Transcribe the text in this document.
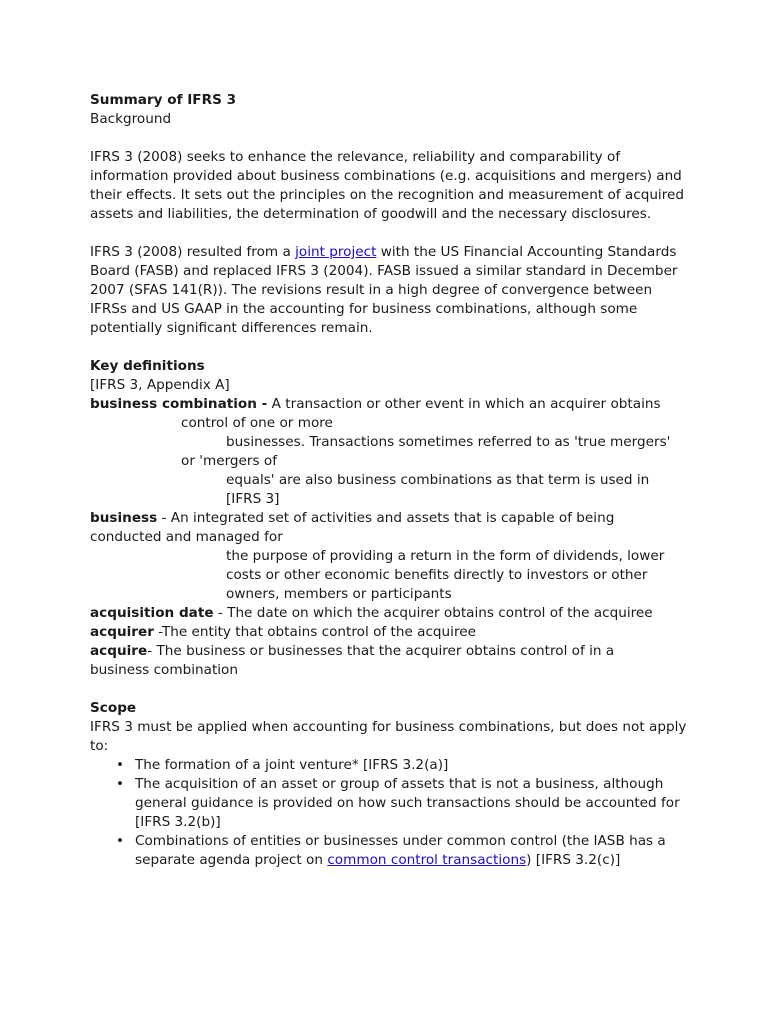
Summary of IFRS 3

Background

IFRS 3 (2008) seeks to enhance the relevance, reliability and comparability of information provided about business combinations (e.g. acquisitions and mergers) and their effects. It sets out the principles on the recognition and measurement of acquired assets and liabilities, the determination of goodwill and the necessary disclosures.

IFRS 3 (2008) resulted from a joint project with the US Financial Accounting Standards Board (FASB) and replaced IFRS 3 (2004). FASB issued a similar standard in December 2007 (SFAS 141(R)). The revisions result in a high degree of convergence between IFRSs and US GAAP in the accounting for business combinations, although some potentially significant differences remain.

Key definitions

[IFRS 3, Appendix A]

business combination - A transaction or other event in which an acquirer obtains
control of one or more
businesses. Transactions sometimes referred to as 'true mergers'
or 'mergers of
equals' are also business combinations as that term is used in
[IFRS 3]
business - An integrated set of activities and assets that is capable of being
conducted and managed for
the purpose of providing a return in the form of dividends, lower
costs or other economic benefits directly to investors or other
owners, members or participants
acquisition date - The date on which the acquirer obtains control of the acquiree
acquirer -The entity that obtains control of the acquiree
acquire- The business or businesses that the acquirer obtains control of in a
business combination

Scope

IFRS 3 must be applied when accounting for business combinations, but does not apply to:

• The formation of a joint venture* [IFRS 3.2(a)]
• The acquisition of an asset or group of assets that is not a business, although general guidance is provided on how such transactions should be accounted for [IFRS 3.2(b)]
• Combinations of entities or businesses under common control (the IASB has a separate agenda project on common control transactions) [IFRS 3.2(c)]
